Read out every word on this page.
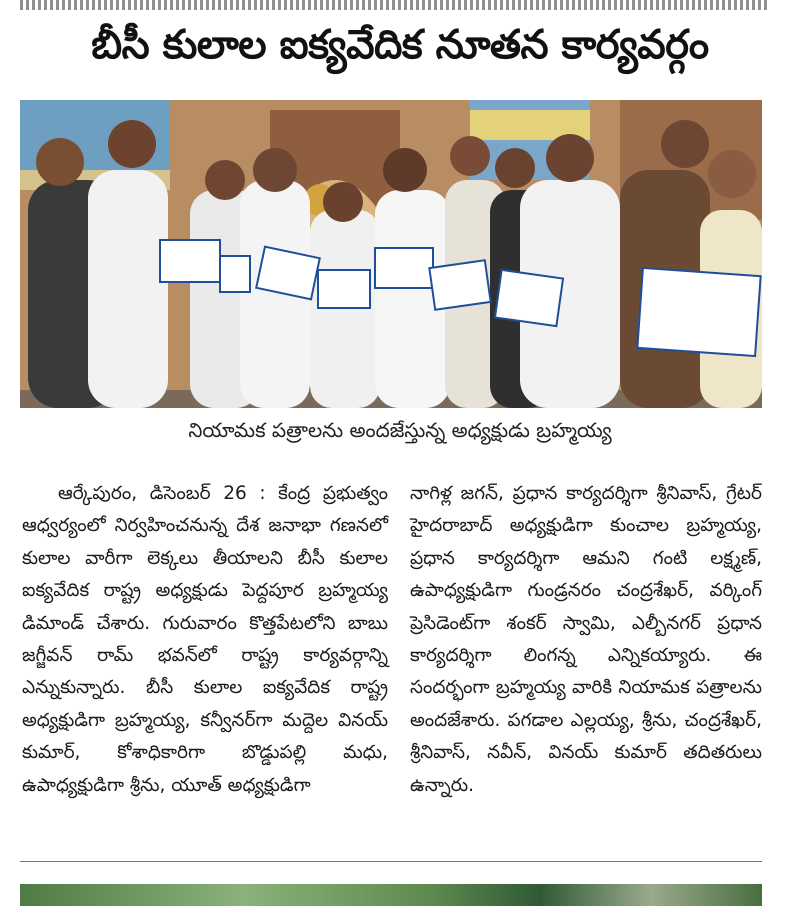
బీసీ కులాల ఐక్యవేదిక నూతన కార్యవర్గం
నియామక పత్రాలను అందజేస్తున్న అధ్యక్షుడు బ్రహ్మయ్య
ఆర్కేపురం, డిసెంబర్ 26 : కేంద్ర ప్రభుత్వం ఆధ్వర్యంలో నిర్వహించనున్న దేశ జనాభా గణనలో కులాల వారీగా లెక్కలు తీయాలని బీసీ కులాల ఐక్యవేదిక రాష్ట్ర అధ్యక్షుడు పెద్దపూర బ్రహ్మయ్య డిమాండ్ చేశారు. గురువారం కొత్తపేటలోని బాబు జగ్జీవన్ రామ్ భవన్‌లో రాష్ట్ర కార్యవర్గాన్ని ఎన్నుకున్నారు. బీసీ కులాల ఐక్యవేదిక రాష్ట్ర అధ్యక్షుడిగా బ్రహ్మయ్య, కన్వీనర్‌గా మద్దెల వినయ్ కుమార్, కోశాధికారిగా బొడ్డుపల్లి మధు, ఉపాధ్యక్షుడిగా శ్రీను, యూత్ అధ్యక్షుడిగా
నాగిళ్ల జగన్, ప్రధాన కార్యదర్శిగా శ్రీనివాస్, గ్రేటర్ హైదరాబాద్ అధ్యక్షుడిగా కుంచాల బ్రహ్మయ్య, ప్రధాన కార్యదర్శిగా ఆమని గంటి లక్ష్మణ్, ఉపాధ్యక్షుడిగా గుండ్రనరం చంద్రశేఖర్, వర్కింగ్ ప్రెసిడెంట్‌గా శంకర్ స్వామి, ఎల్బీనగర్ ప్రధాన కార్యదర్శిగా లింగన్న ఎన్నికయ్యారు. ఈ సందర్భంగా బ్రహ్మయ్య వారికి నియామక పత్రాలను అందజేశారు. పగడాల ఎల్లయ్య, శ్రీను, చంద్రశేఖర్, శ్రీనివాస్, నవీన్, వినయ్ కుమార్ తదితరులు ఉన్నారు.
